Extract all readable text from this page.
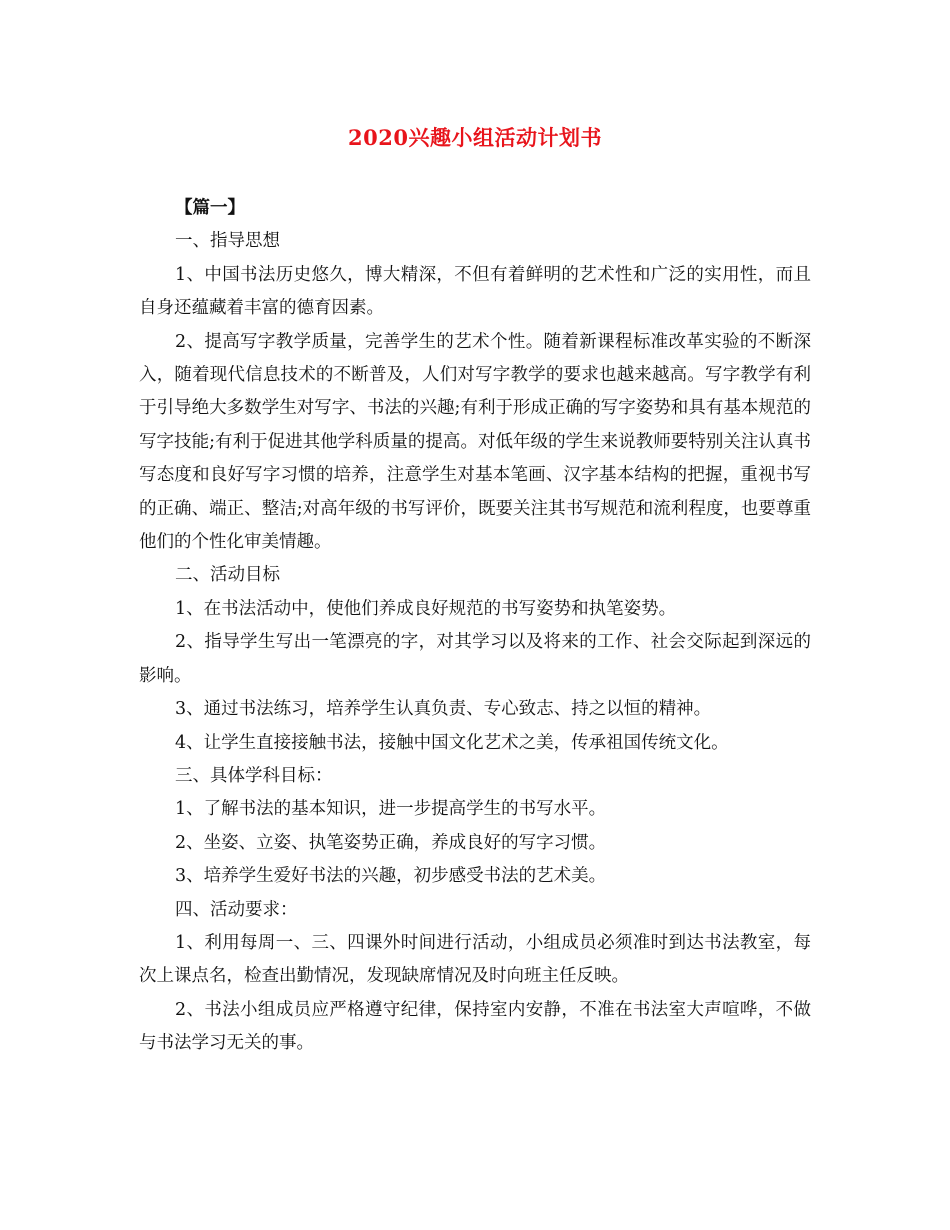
2020兴趣小组活动计划书

【篇一】

一、指导思想

1、中国书法历史悠久，博大精深，不但有着鲜明的艺术性和广泛的实用性，而且自身还蕴藏着丰富的德育因素。

2、提高写字教学质量，完善学生的艺术个性。随着新课程标准改革实验的不断深入，随着现代信息技术的不断普及，人们对写字教学的要求也越来越高。写字教学有利于引导绝大多数学生对写字、书法的兴趣;有利于形成正确的写字姿势和具有基本规范的写字技能;有利于促进其他学科质量的提高。对低年级的学生来说教师要特别关注认真书写态度和良好写字习惯的培养，注意学生对基本笔画、汉字基本结构的把握，重视书写的正确、端正、整洁;对高年级的书写评价，既要关注其书写规范和流利程度，也要尊重他们的个性化审美情趣。

二、活动目标

1、在书法活动中，使他们养成良好规范的书写姿势和执笔姿势。

2、指导学生写出一笔漂亮的字，对其学习以及将来的工作、社会交际起到深远的影响。

3、通过书法练习，培养学生认真负责、专心致志、持之以恒的精神。

4、让学生直接接触书法，接触中国文化艺术之美，传承祖国传统文化。

三、具体学科目标：

1、了解书法的基本知识，进一步提高学生的书写水平。

2、坐姿、立姿、执笔姿势正确，养成良好的写字习惯。

3、培养学生爱好书法的兴趣，初步感受书法的艺术美。

四、活动要求：

1、利用每周一、三、四课外时间进行活动，小组成员必须准时到达书法教室，每次上课点名，检查出勤情况，发现缺席情况及时向班主任反映。

2、书法小组成员应严格遵守纪律，保持室内安静，不准在书法室大声喧哗，不做与书法学习无关的事。
